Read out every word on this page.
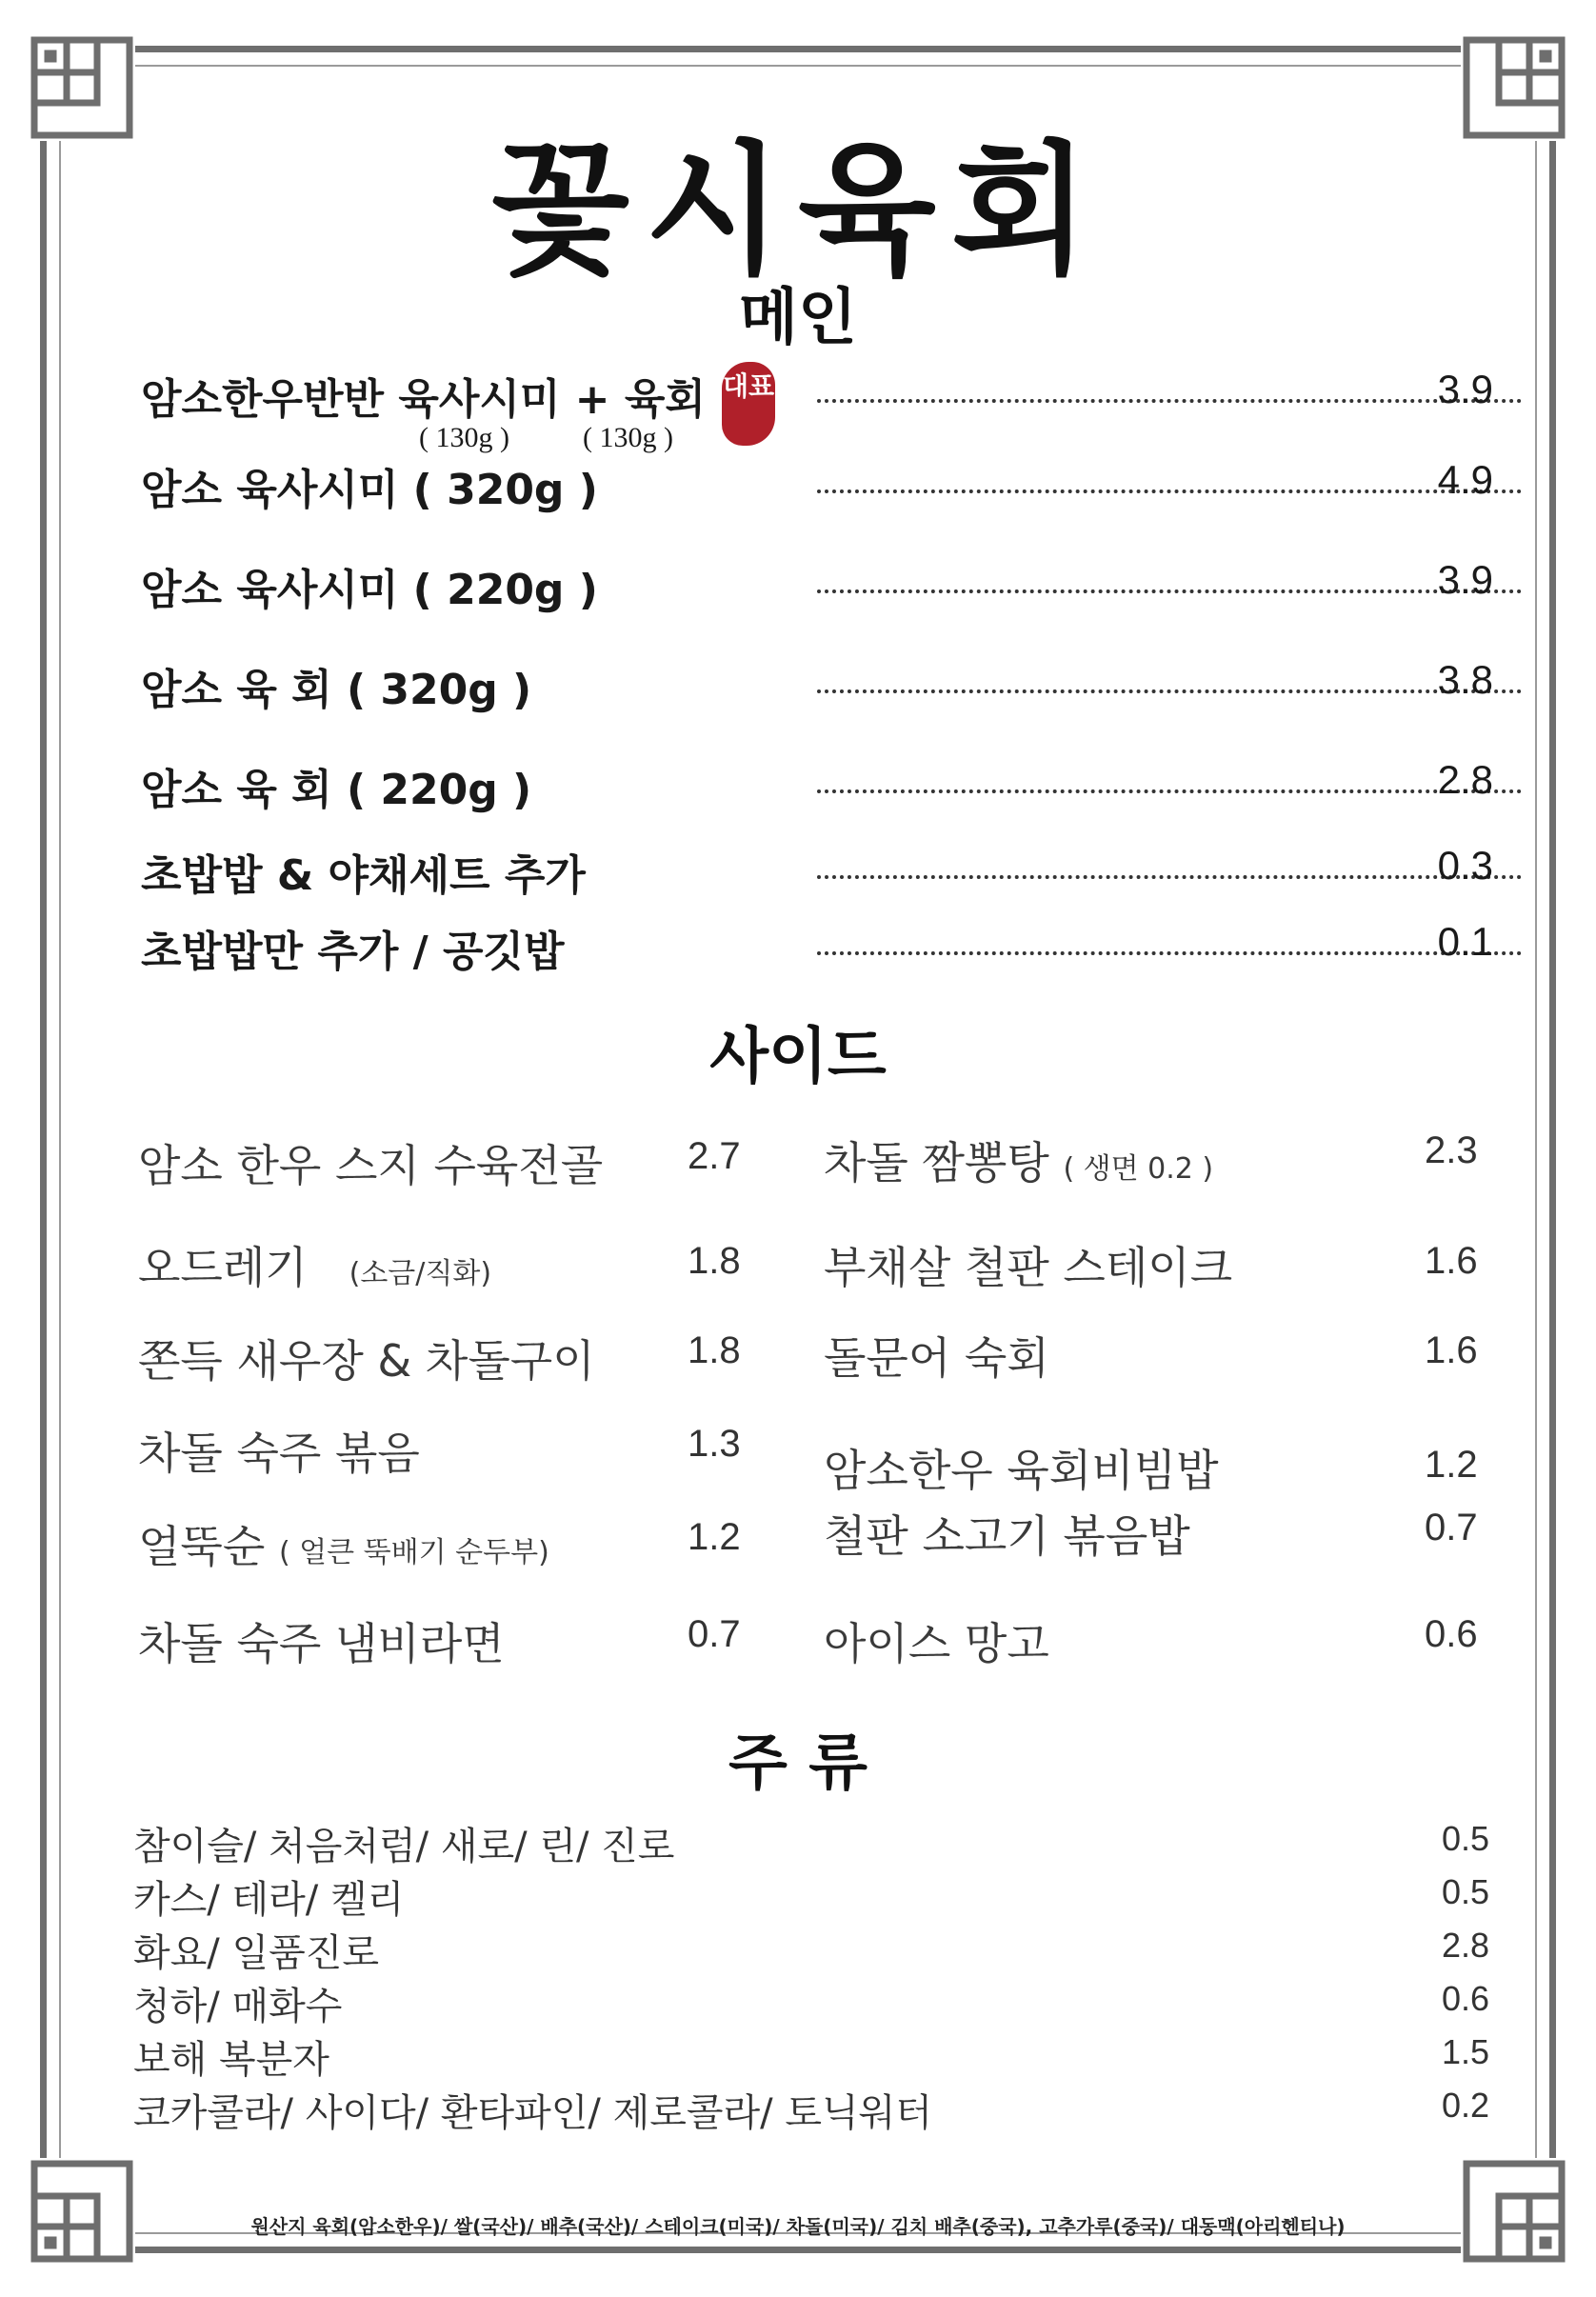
꽃시육회
메인
암소한우반반 육사시미 + 육회	3.9
( 130g )	( 130g )
대표
암소 육사시미 ( 320g )	4.9
암소 육사시미 ( 220g )	3.9
암소 육 회 ( 320g )	3.8
암소 육 회 ( 220g )	2.8
초밥밥 & 야채세트 추가	0.3
초밥밥만 추가 / 공깃밥	0.1
사이드
암소 한우 스지 수육전골 2.7
오드레기 (소금/직화)	1.8
쫀득 새우장 & 차돌구이 1.8
차돌 숙주 볶음	1.3
얼뚝순 ( 얼큰 뚝배기 순두부)	1.2
차돌 숙주 냄비라면	0.7
차돌 짬뽕탕 ( 생면 0.2 )	2.3
부채살 철판 스테이크	1.6
돌문어 숙회	1.6
암소한우 육회비빔밥	1.2
철판 소고기 볶음밥	0.7
아이스 망고	0.6
주 류
참이슬/ 처음처럼/ 새로/ 린/ 진로	0.5
카스/ 테라/ 켈리	0.5
화요/ 일품진로	2.8
청하/ 매화수	0.6
보해 복분자	1.5
코카콜라/ 사이다/ 환타파인/ 제로콜라/ 토닉워터	0.2
원산지 육회(암소한우)/ 쌀(국산)/ 배추(국산)/ 스테이크(미국)/ 차돌(미국)/ 김치 배추(중국), 고추가루(중국)/ 대동맥(아리헨티나)
